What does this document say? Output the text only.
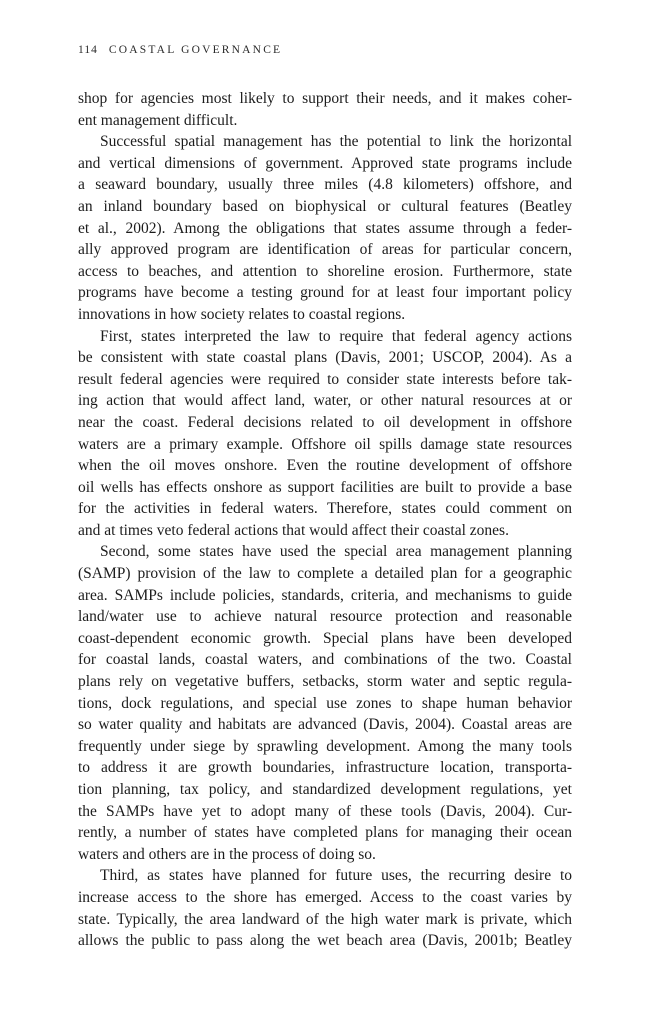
114 COASTAL GOVERNANCE
shop for agencies most likely to support their needs, and it makes coher-
ent management difficult.
Successful spatial management has the potential to link the horizontal
and vertical dimensions of government. Approved state programs include
a seaward boundary, usually three miles (4.8 kilometers) offshore, and
an inland boundary based on biophysical or cultural features (Beatley
et al., 2002). Among the obligations that states assume through a feder-
ally approved program are identification of areas for particular concern,
access to beaches, and attention to shoreline erosion. Furthermore, state
programs have become a testing ground for at least four important policy
innovations in how society relates to coastal regions.
First, states interpreted the law to require that federal agency actions
be consistent with state coastal plans (Davis, 2001; USCOP, 2004). As a
result federal agencies were required to consider state interests before tak-
ing action that would affect land, water, or other natural resources at or
near the coast. Federal decisions related to oil development in offshore
waters are a primary example. Offshore oil spills damage state resources
when the oil moves onshore. Even the routine development of offshore
oil wells has effects onshore as support facilities are built to provide a base
for the activities in federal waters. Therefore, states could comment on
and at times veto federal actions that would affect their coastal zones.
Second, some states have used the special area management planning
(SAMP) provision of the law to complete a detailed plan for a geographic
area. SAMPs include policies, standards, criteria, and mechanisms to guide
land/water use to achieve natural resource protection and reasonable
coast-dependent economic growth. Special plans have been developed
for coastal lands, coastal waters, and combinations of the two. Coastal
plans rely on vegetative buffers, setbacks, storm water and septic regula-
tions, dock regulations, and special use zones to shape human behavior
so water quality and habitats are advanced (Davis, 2004). Coastal areas are
frequently under siege by sprawling development. Among the many tools
to address it are growth boundaries, infrastructure location, transporta-
tion planning, tax policy, and standardized development regulations, yet
the SAMPs have yet to adopt many of these tools (Davis, 2004). Cur-
rently, a number of states have completed plans for managing their ocean
waters and others are in the process of doing so.
Third, as states have planned for future uses, the recurring desire to
increase access to the shore has emerged. Access to the coast varies by
state. Typically, the area landward of the high water mark is private, which
allows the public to pass along the wet beach area (Davis, 2001b; Beatley
